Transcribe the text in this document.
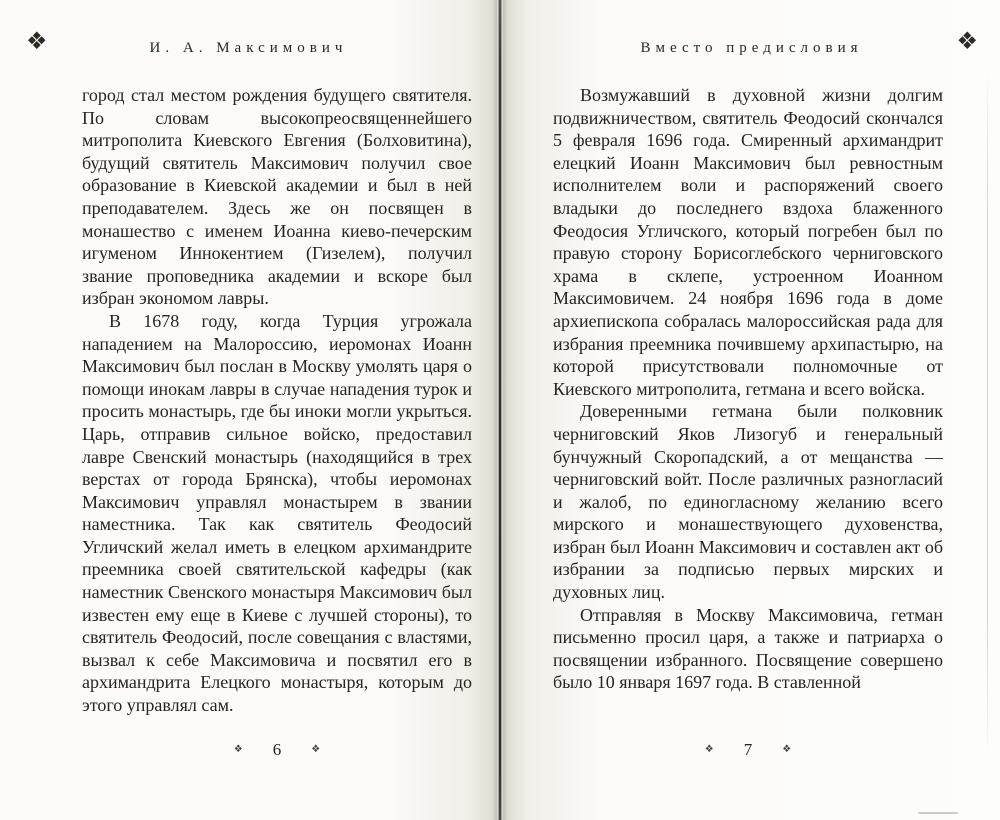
❖	И. А. Максимович

город стал местом рождения будущего святителя. По словам высокопреосвященнейшего митрополита Киевского Евгения (Болховитина), будущий святитель Максимович получил свое образование в Киевской академии и был в ней преподавателем. Здесь же он посвящен в монашество с именем Иоанна киево-печерским игуменом Иннокентием (Гизелем), получил звание проповедника академии и вскоре был избран экономом лавры.

В 1678 году, когда Турция угрожала нападением на Малороссию, иеромонах Иоанн Максимович был послан в Москву умолять царя о помощи инокам лавры в случае нападения турок и просить монастырь, где бы иноки могли укрыться. Царь, отправив сильное войско, предоставил лавре Свенский монастырь (находящийся в трех верстах от города Брянска), чтобы иеромонах Максимович управлял монастырем в звании наместника. Так как святитель Феодосий Угличский желал иметь в елецком архимандрите преемника своей святительской кафедры (как наместник Свенского монастыря Максимович был известен ему еще в Киеве с лучшей стороны), то святитель Феодосий, после совещания с властями, вызвал к себе Максимовича и посвятил его в архимандрита Елецкого монастыря, которым до этого управлял сам.

❖ 6	❖
❖
Вместо предисловия

Возмужавший в духовной жизни долгим подвижничеством, святитель Феодосий скончался 5 февраля 1696 года. Смиренный архимандрит елецкий Иоанн Максимович был ревностным исполнителем воли и распоряжений своего владыки до последнего вздоха блаженного Феодосия Угличского, который погребен был по правую сторону Борисоглебского черниговского храма в склепе, устроенном Иоанном Максимовичем. 24 ноября 1696 года в доме архиепископа собралась малороссийская рада для избрания преемника почившему архипастырю, на которой присутствовали полномочные от Киевского митрополита, гетмана и всего войска.

Доверенными гетмана были полковник черниговский Яков Лизогуб и генеральный бунчужный Скоропадский, а от мещанства — черниговский войт. После различных разногласий и жалоб, по единогласному желанию всего мирского и монашествующего духовенства, избран был Иоанн Максимович и составлен акт об избрании за подписью первых мирских и духовных лиц.

Отправляя в Москву Максимовича, гетман письменно просил царя, а также и патриарха о посвящении избранного. Посвящение совершено было 10 января 1697 года. В ставленной

❖ 7	❖
